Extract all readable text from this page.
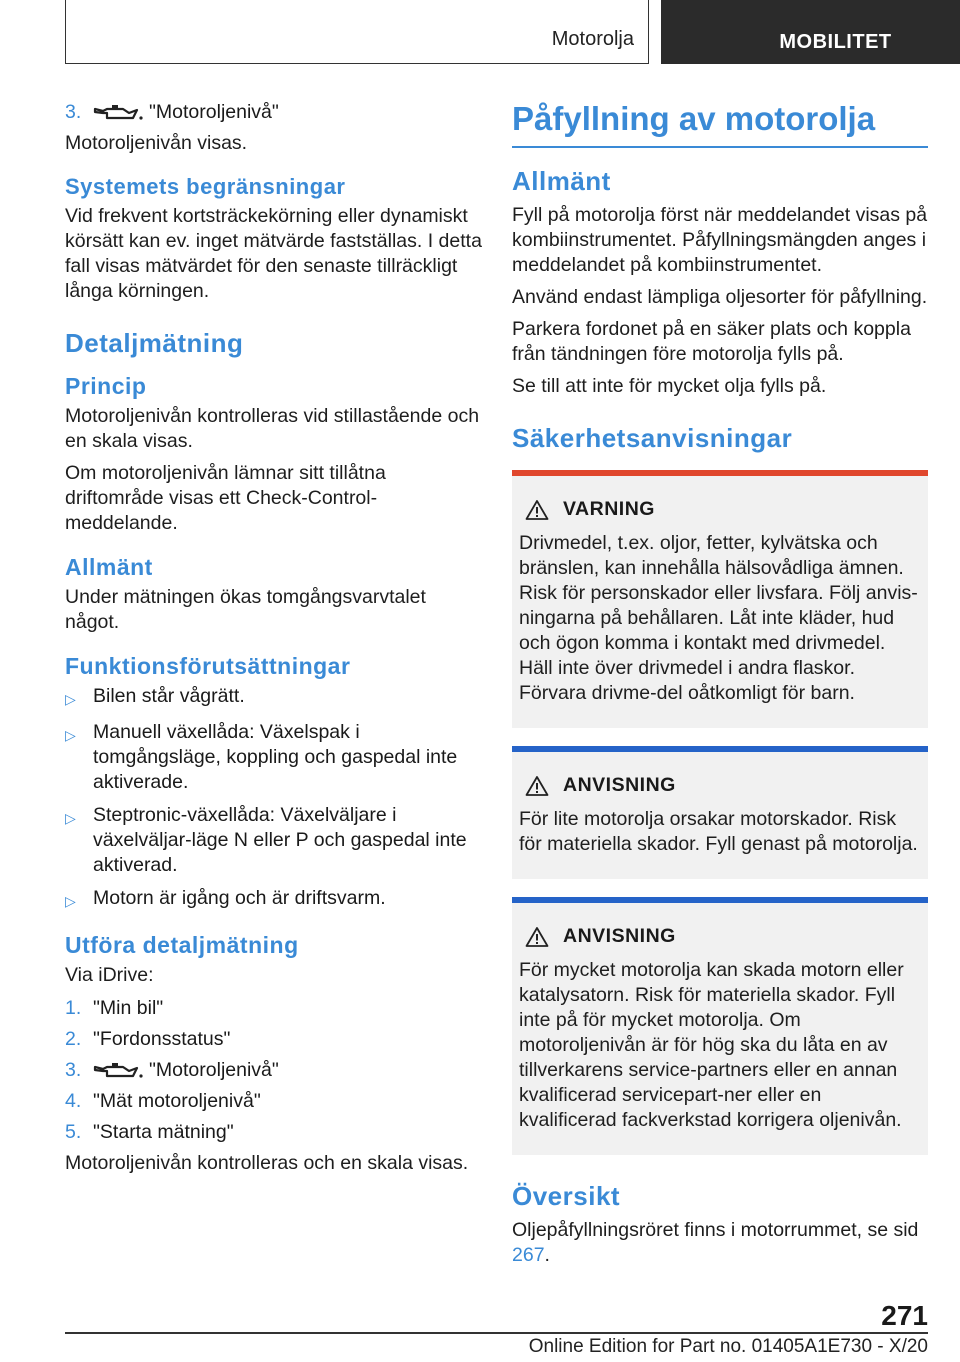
Motorolja	MOBILITET
3.	"Motoroljenivå"

Motoroljenivån visas.

Systemets begränsningar

Vid frekvent kortsträckekörning eller dynamiskt körsätt kan ev. inget mätvärde fastställas. I detta fall visas mätvärdet för den senaste tillräckligt långa körningen.

Detaljmätning
Princip

Motoroljenivån kontrolleras vid stillastående och en skala visas.

Om motoroljenivån lämnar sitt tillåtna driftområde visas ett Check-Control-meddelande.

Allmänt

Under mätningen ökas tomgångsvarvtalet något.

Funktionsförutsättningar
▷ Bilen står vågrätt.
▷ Manuell växellåda: Växelspak i tomgångsläge, koppling och gaspedal inte aktiverade.
▷ Steptronic-växellåda: Växelväljare i växelväljar-läge N eller P och gaspedal inte aktiverad.
▷ Motorn är igång och är driftsvarm.
Utföra detaljmätning

Via iDrive:

1. "Min bil"
2. "Fordonsstatus"
3.	"Motoroljenivå"
4. "Mät motoroljenivå"
5. "Starta mätning"

Motoroljenivån kontrolleras och en skala visas.

Påfyllning av motorolja
Allmänt

Fyll på motorolja först när meddelandet visas på kombiinstrumentet. Påfyllningsmängden anges i meddelandet på kombiinstrumentet.

Använd endast lämpliga oljesorter för påfyllning.

Parkera fordonet på en säker plats och koppla från tändningen före motorolja fylls på.

Se till att inte för mycket olja fylls på.

Säkerhetsanvisningar
VARNING

Drivmedel, t.ex. oljor, fetter, kylvätska och bränslen, kan innehålla hälsovådliga ämnen. Risk för personskador eller livsfara. Följ anvis-ningarna på behållaren. Låt inte kläder, hud och ögon komma i kontakt med drivmedel. Häll inte över drivmedel i andra flaskor. Förvara drivme-del oåtkomligt för barn.

ANVISNING

För lite motorolja orsakar motorskador. Risk för materiella skador. Fyll genast på motorolja.

ANVISNING

För mycket motorolja kan skada motorn eller katalysatorn. Risk för materiella skador. Fyll inte på för mycket motorolja. Om motoroljenivån är för hög ska du låta en av tillverkarens service-partners eller en annan kvalificerad servicepart-ner eller en kvalificerad fackverkstad korrigera oljenivån.

Översikt

Oljepåfyllningsröret finns i motorrummet, se sid 267.

271
Online Edition for Part no. 01405A1E730 - X/20
